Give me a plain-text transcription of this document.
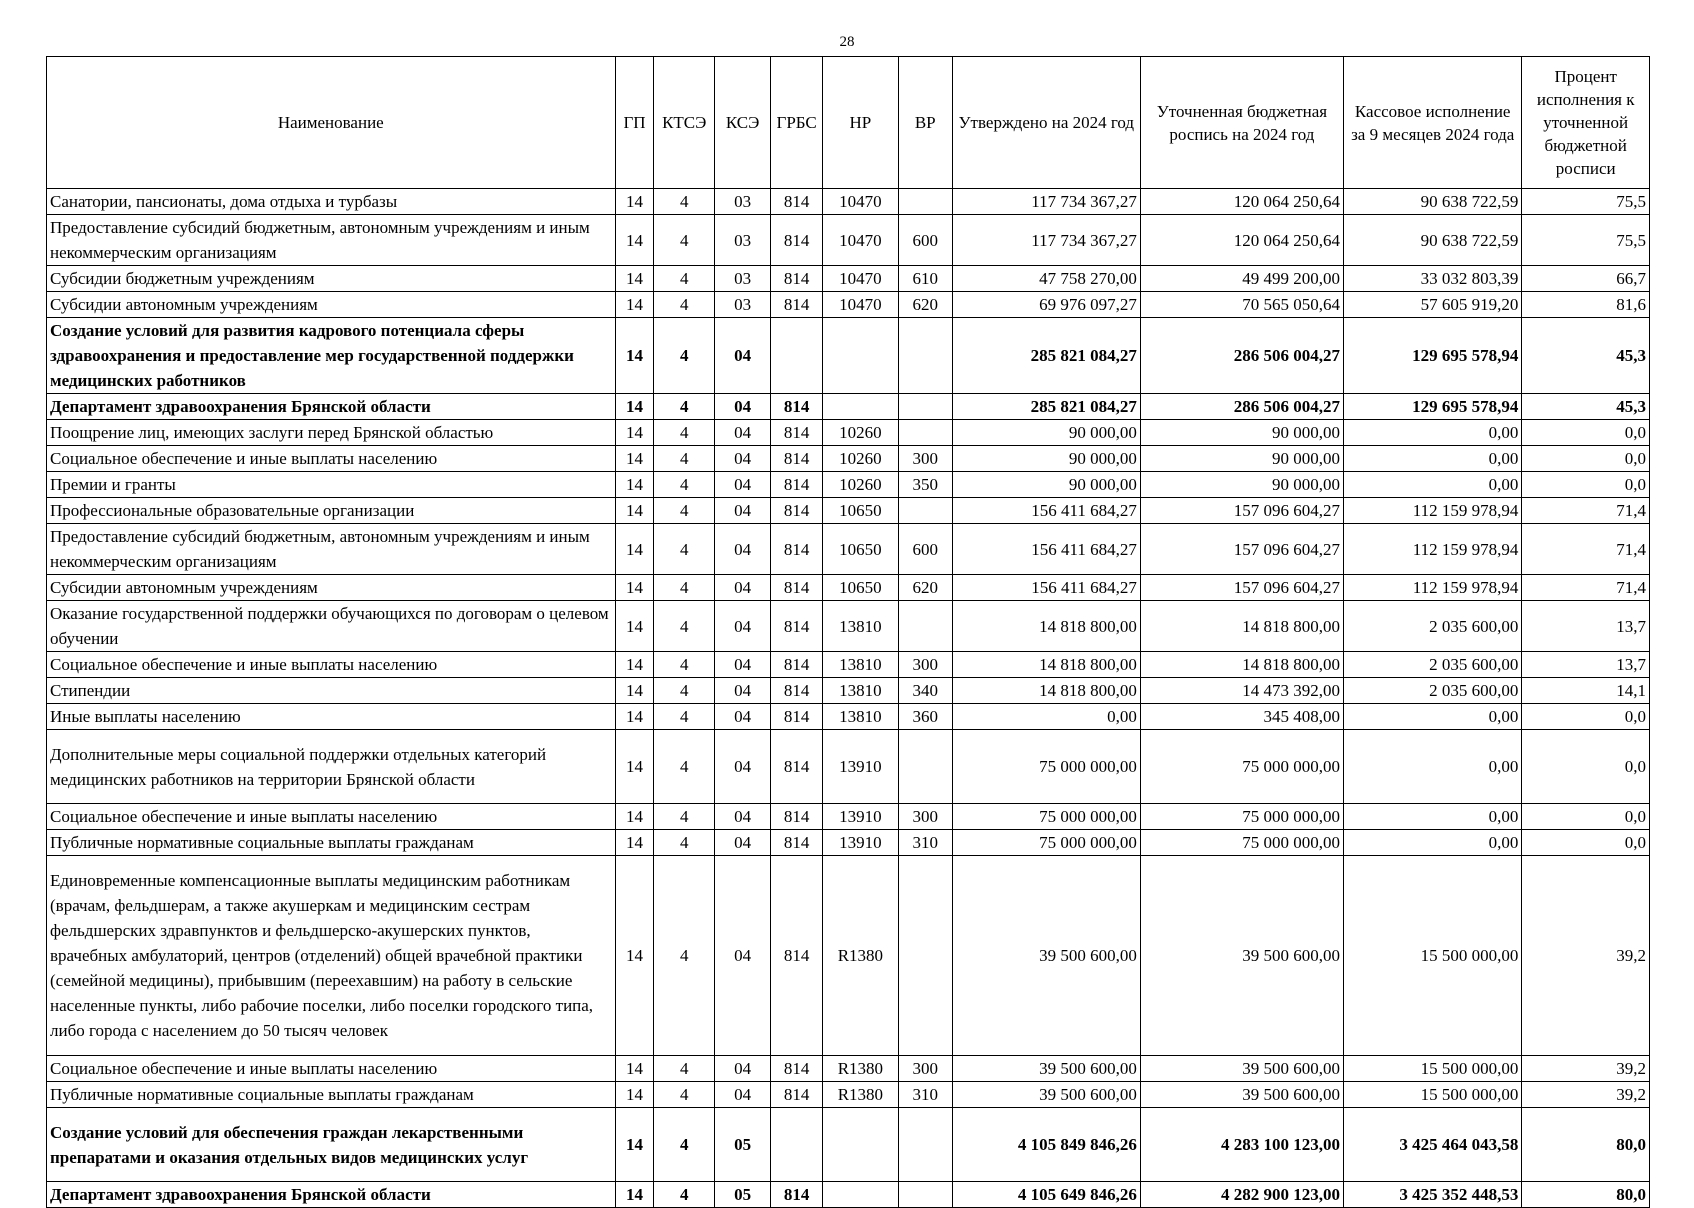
28
Наименование	ГП	КТСЭ	КСЭ	ГРБС	НР	ВР	Утверждено на 2024 год	Уточненная бюджетная роспись на 2024 год	Кассовое исполнение за 9 месяцев 2024 года	Процент исполнения к уточненной бюджетной росписи
Санатории, пансионаты, дома отдыха и турбазы	14	4	03	814	10470		117 734 367,27	120 064 250,64	90 638 722,59	75,5
Предоставление субсидий бюджетным, автономным учреждениям и иным некоммерческим организациям	14	4	03	814	10470	600	117 734 367,27	120 064 250,64	90 638 722,59	75,5
Субсидии бюджетным учреждениям	14	4	03	814	10470	610	47 758 270,00	49 499 200,00	33 032 803,39	66,7
Субсидии автономным учреждениям	14	4	03	814	10470	620	69 976 097,27	70 565 050,64	57 605 919,20	81,6
Создание условий для развития кадрового потенциала сферы здравоохранения и предоставление мер государственной поддержки медицинских работников	14	4	04				285 821 084,27	286 506 004,27	129 695 578,94	45,3
Департамент здравоохранения Брянской области	14	4	04	814			285 821 084,27	286 506 004,27	129 695 578,94	45,3
Поощрение лиц, имеющих заслуги перед Брянской областью	14	4	04	814	10260		90 000,00	90 000,00	0,00	0,0
Социальное обеспечение и иные выплаты населению	14	4	04	814	10260	300	90 000,00	90 000,00	0,00	0,0
Премии и гранты	14	4	04	814	10260	350	90 000,00	90 000,00	0,00	0,0
Профессиональные образовательные организации	14	4	04	814	10650		156 411 684,27	157 096 604,27	112 159 978,94	71,4
Предоставление субсидий бюджетным, автономным учреждениям и иным некоммерческим организациям	14	4	04	814	10650	600	156 411 684,27	157 096 604,27	112 159 978,94	71,4
Субсидии автономным учреждениям	14	4	04	814	10650	620	156 411 684,27	157 096 604,27	112 159 978,94	71,4
Оказание государственной поддержки обучающихся по договорам о целевом обучении	14	4	04	814	13810		14 818 800,00	14 818 800,00	2 035 600,00	13,7
Социальное обеспечение и иные выплаты населению	14	4	04	814	13810	300	14 818 800,00	14 818 800,00	2 035 600,00	13,7
Стипендии	14	4	04	814	13810	340	14 818 800,00	14 473 392,00	2 035 600,00	14,1
Иные выплаты населению	14	4	04	814	13810	360	0,00	345 408,00	0,00	0,0
Дополнительные меры социальной поддержки отдельных категорий медицинских работников на территории Брянской области	14	4	04	814	13910		75 000 000,00	75 000 000,00	0,00	0,0
Социальное обеспечение и иные выплаты населению	14	4	04	814	13910	300	75 000 000,00	75 000 000,00	0,00	0,0
Публичные нормативные социальные выплаты гражданам	14	4	04	814	13910	310	75 000 000,00	75 000 000,00	0,00	0,0
Единовременные компенсационные выплаты медицинским работникам (врачам, фельдшерам, а также акушеркам и медицинским сестрам фельдшерских здравпунктов и фельдшерско-акушерских пунктов, врачебных амбулаторий, центров (отделений) общей врачебной практики (семейной медицины), прибывшим (переехавшим) на работу в сельские населенные пункты, либо рабочие поселки, либо поселки городского типа, либо города с населением до 50 тысяч человек	14	4	04	814	R1380		39 500 600,00	39 500 600,00	15 500 000,00	39,2
Социальное обеспечение и иные выплаты населению	14	4	04	814	R1380	300	39 500 600,00	39 500 600,00	15 500 000,00	39,2
Публичные нормативные социальные выплаты гражданам	14	4	04	814	R1380	310	39 500 600,00	39 500 600,00	15 500 000,00	39,2
Создание условий для обеспечения граждан лекарственными препаратами и оказания отдельных видов медицинских услуг	14	4	05				4 105 849 846,26	4 283 100 123,00	3 425 464 043,58	80,0
Департамент здравоохранения Брянской области	14	4	05	814			4 105 649 846,26	4 282 900 123,00	3 425 352 448,53	80,0
